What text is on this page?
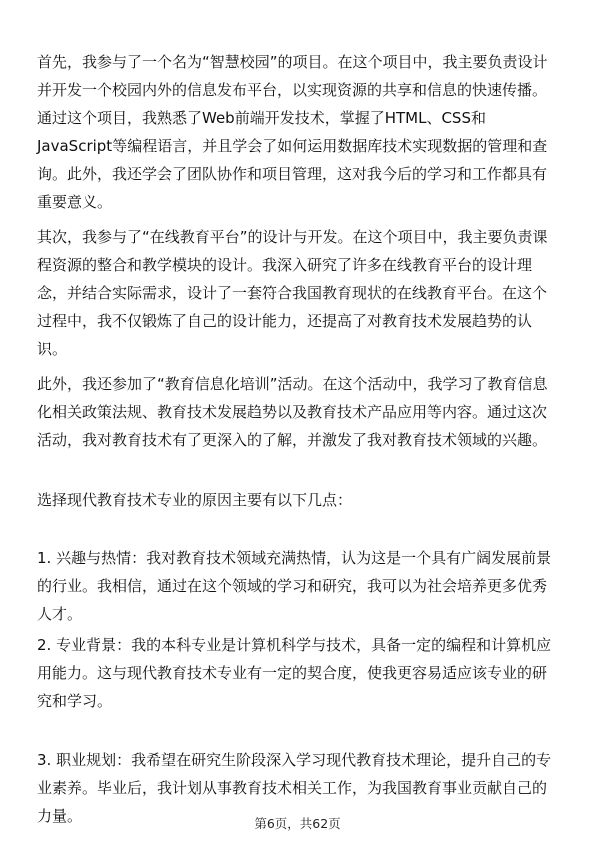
首先，我参与了一个名为“智慧校园”的项目。在这个项目中，我主要负责设计并开发一个校园内外的信息发布平台，以实现资源的共享和信息的快速传播。通过这个项目，我熟悉了Web前端开发技术，掌握了HTML、CSS和JavaScript等编程语言，并且学会了如何运用数据库技术实现数据的管理和查询。此外，我还学会了团队协作和项目管理，这对我今后的学习和工作都具有重要意义。

其次，我参与了“在线教育平台”的设计与开发。在这个项目中，我主要负责课程资源的整合和教学模块的设计。我深入研究了许多在线教育平台的设计理念，并结合实际需求，设计了一套符合我国教育现状的在线教育平台。在这个过程中，我不仅锻炼了自己的设计能力，还提高了对教育技术发展趋势的认识。

此外，我还参加了“教育信息化培训”活动。在这个活动中，我学习了教育信息化相关政策法规、教育技术发展趋势以及教育技术产品应用等内容。通过这次活动，我对教育技术有了更深入的了解，并激发了我对教育技术领域的兴趣。

选择现代教育技术专业的原因主要有以下几点：

1. 兴趣与热情：我对教育技术领域充满热情，认为这是一个具有广阔发展前景的行业。我相信，通过在这个领域的学习和研究，我可以为社会培养更多优秀人才。

2. 专业背景：我的本科专业是计算机科学与技术，具备一定的编程和计算机应用能力。这与现代教育技术专业有一定的契合度，使我更容易适应该专业的研究和学习。

3. 职业规划：我希望在研究生阶段深入学习现代教育技术理论，提升自己的专业素养。毕业后，我计划从事教育技术相关工作，为我国教育事业贡献自己的力量。	第6页，共62页
